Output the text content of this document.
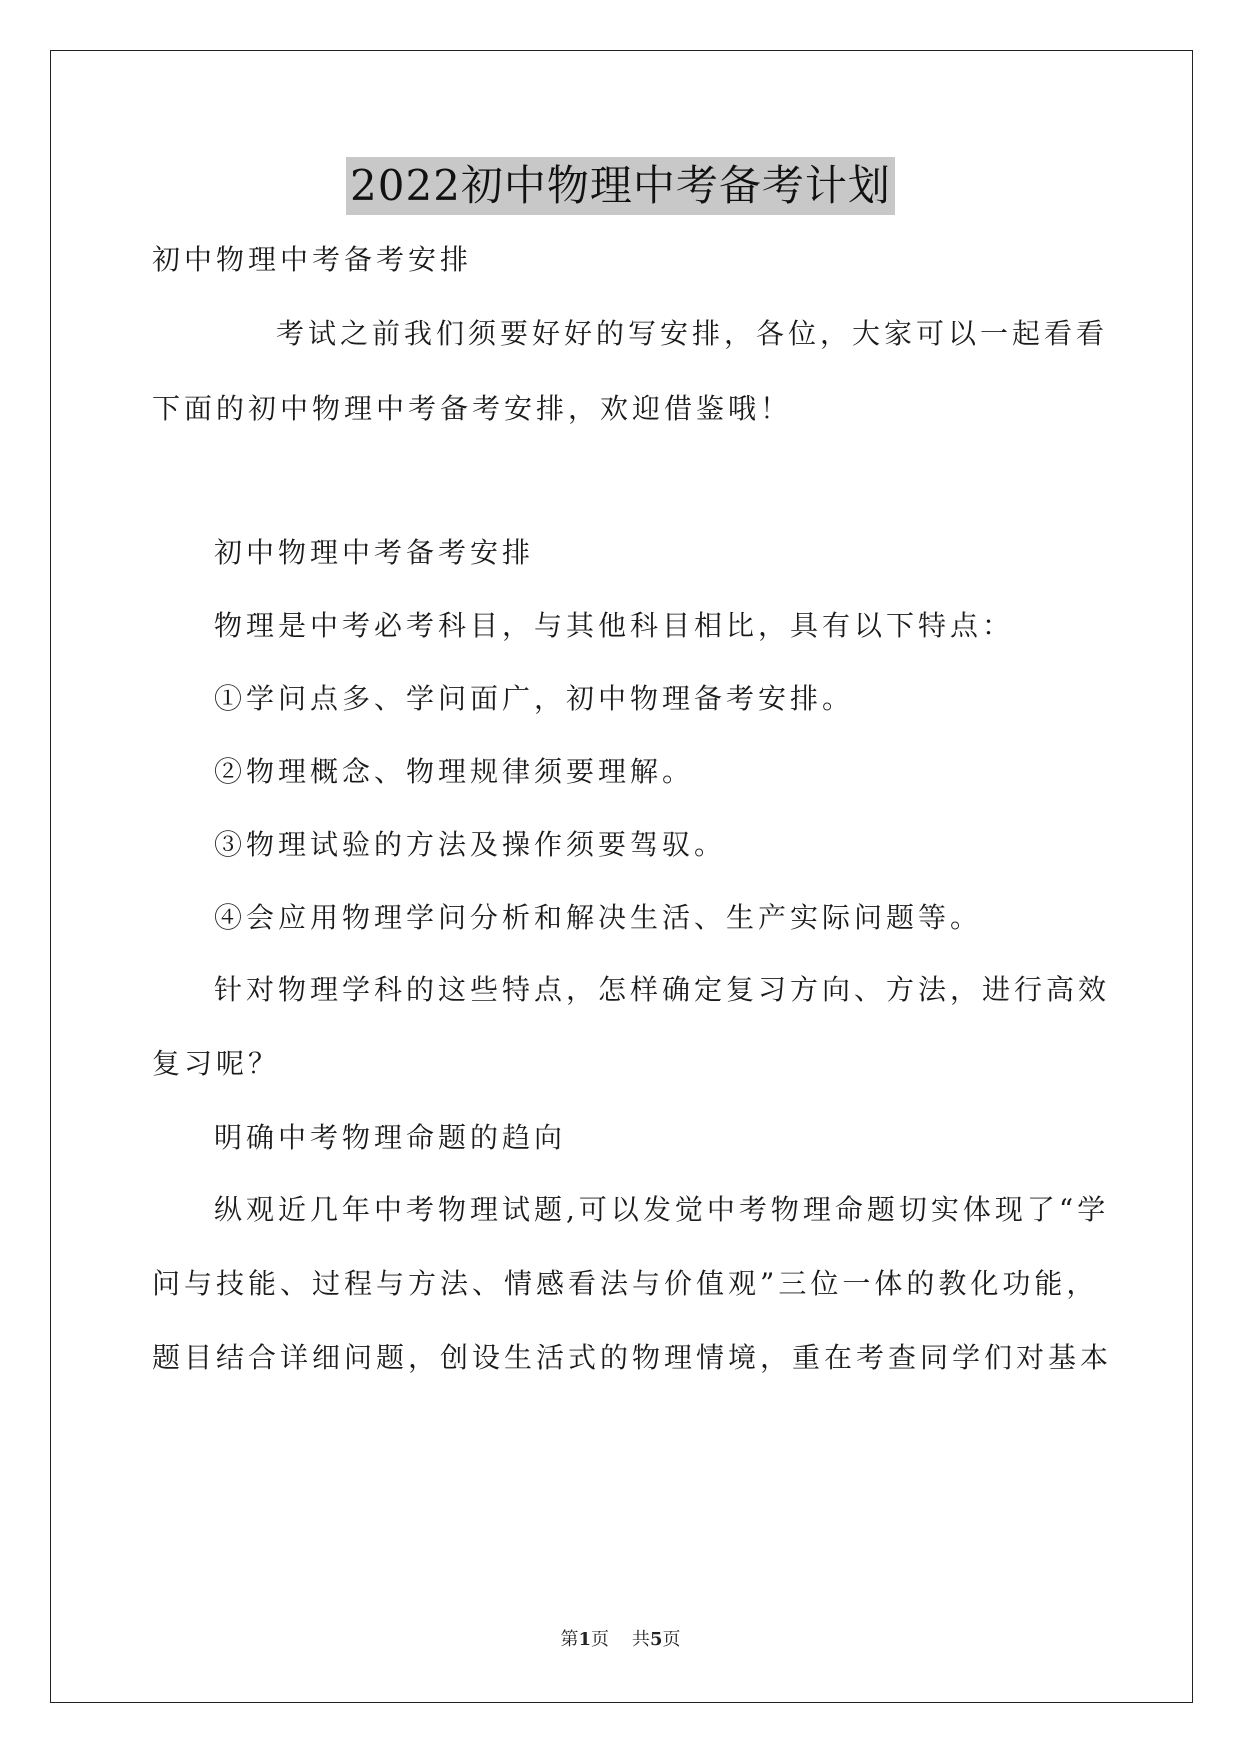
2022初中物理中考备考计划
初中物理中考备考安排
考试之前我们须要好好的写安排，各位，大家可以一起看看
下面的初中物理中考备考安排，欢迎借鉴哦！
初中物理中考备考安排
物理是中考必考科目，与其他科目相比，具有以下特点：
①学问点多、学问面广，初中物理备考安排。
②物理概念、物理规律须要理解。
③物理试验的方法及操作须要驾驭。
④会应用物理学问分析和解决生活、生产实际问题等。
针对物理学科的这些特点，怎样确定复习方向、方法，进行高效
复习呢？
明确中考物理命题的趋向
纵观近几年中考物理试题,可以发觉中考物理命题切实体现了“学
问与技能、过程与方法、情感看法与价值观”三位一体的教化功能，
题目结合详细问题，创设生活式的物理情境，重在考查同学们对基本
第1页    共5页
